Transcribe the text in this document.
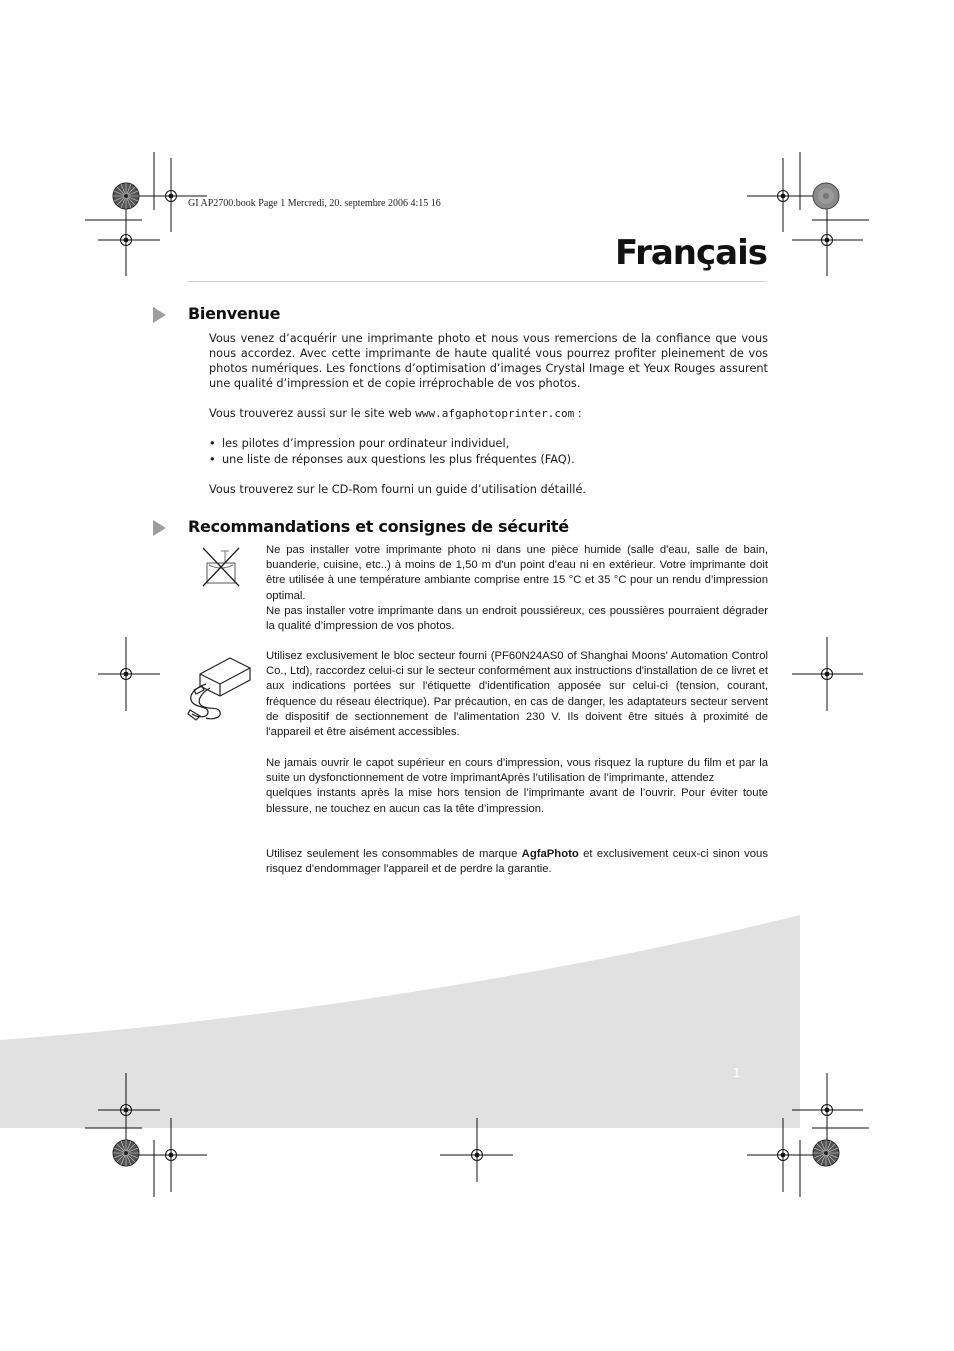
GI AP2700.book Page 1 Mercredi, 20. septembre 2006 4:15 16
Français
Bienvenue
Vous venez d’acquérir une imprimante photo et nous vous remercions de la confiance que vous nous accordez. Avec cette imprimante de haute qualité vous pourrez profiter pleinement de vos photos numériques. Les fonctions d’optimisation d’images Crystal Image et Yeux Rouges assurent une qualité d’impression et de copie irréprochable de vos photos.
Vous trouverez aussi sur le site web www.afgaphotoprinter.com :
• les pilotes d’impression pour ordinateur individuel,
• une liste de réponses aux questions les plus fréquentes (FAQ).
Vous trouverez sur le CD-Rom fourni un guide d’utilisation détaillé.
Recommandations et consignes de sécurité

Ne pas installer votre imprimante photo ni dans une pièce humide (salle d'eau, salle de bain, buanderie, cuisine, etc..) à moins de 1,50 m d'un point d'eau ni en extérieur. Votre imprimante doit être utilisée à une température ambiante comprise entre 15 °C et 35 °C pour un rendu d’impression optimal.

Ne pas installer votre imprimante dans un endroit poussiéreux, ces poussières pourraient dégrader la qualité d’impression de vos photos.

Utilisez exclusivement le bloc secteur fourni (PF60N24AS0 of Shanghai Moons' Automation Control Co., Ltd), raccordez celui-ci sur le secteur conformément aux instructions d'installation de ce livret et aux indications portées sur l'étiquette d'identification apposée sur celui-ci (tension, courant, fréquence du réseau électrique). Par précaution, en cas de danger, les adaptateurs secteur servent de dispositif de sectionnement de l'alimentation 230 V. Ils doivent être situés à proximité de l'appareil et être aisément accessibles.

Ne jamais ouvrir le capot supérieur en cours d'impression, vous risquez la rupture du film et par la suite un dysfonctionnement de votre imprimantAprès l’utilisation de l’imprimante, attendez

quelques instants après la mise hors tension de l’imprimante avant de l’ouvrir. Pour éviter toute blessure, ne touchez en aucun cas la tête d’impression.

Utilisez seulement les consommables de marque AgfaPhoto et exclusivement ceux-ci sinon vous risquez d'endommager l'appareil et de perdre la garantie.
1
